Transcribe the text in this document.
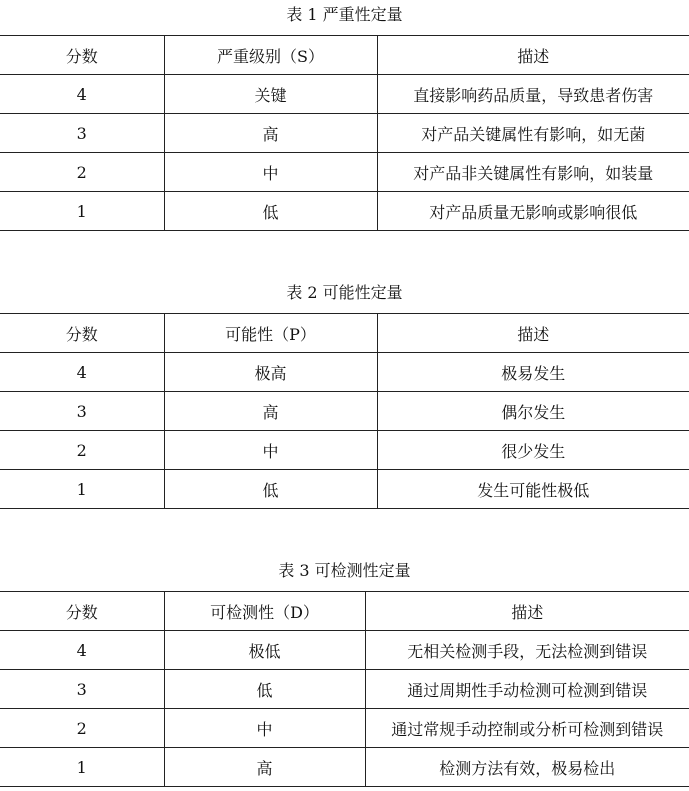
表 1 严重性定量
分数	严重级别（S）	描述
4	关键	直接影响药品质量，导致患者伤害
3	高	对产品关键属性有影响，如无菌
2	中	对产品非关键属性有影响，如装量
1	低	对产品质量无影响或影响很低
表 2 可能性定量
分数	可能性（P）	描述
4	极高	极易发生
3	高	偶尔发生
2	中	很少发生
1	低	发生可能性极低
表 3 可检测性定量
分数	可检测性（D）	描述
4	极低	无相关检测手段，无法检测到错误
3	低	通过周期性手动检测可检测到错误
2	中	通过常规手动控制或分析可检测到错误
1	高	检测方法有效，极易检出
